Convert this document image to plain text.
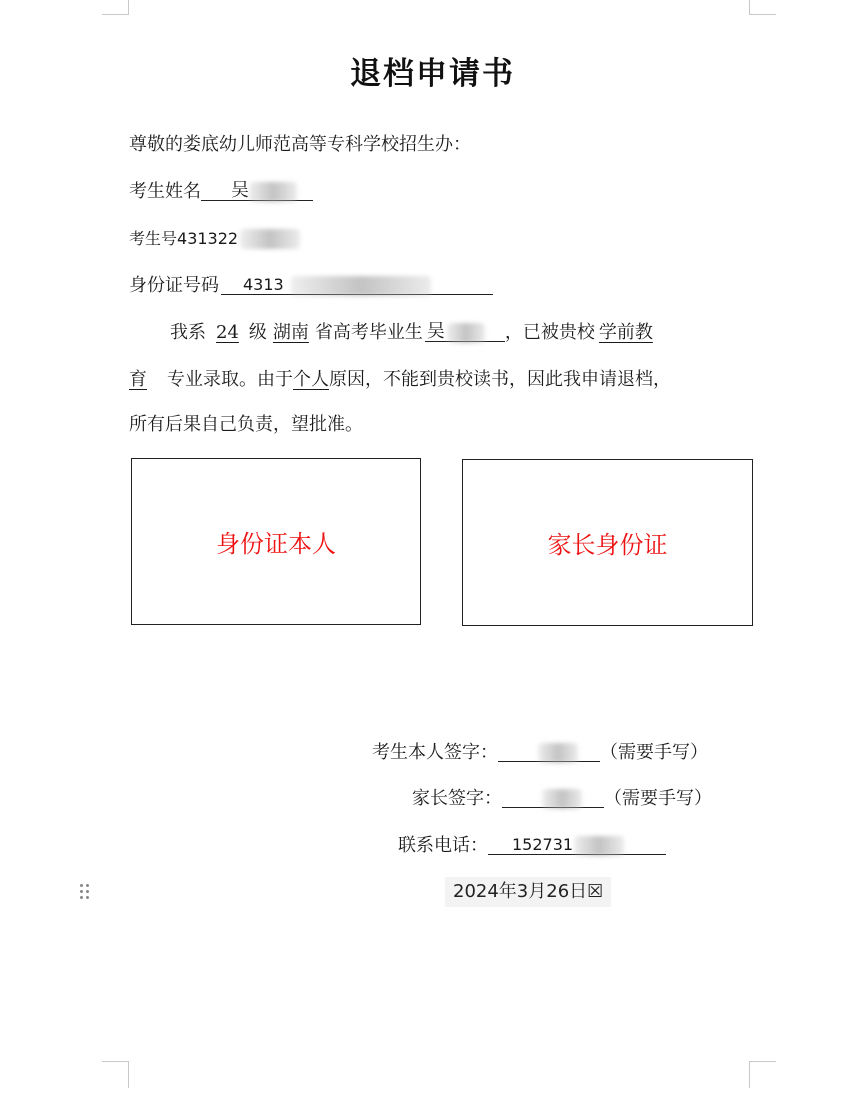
退档申请书
尊敬的娄底幼儿师范高等专科学校招生办：
考生姓名 吴
考生号431322
身份证号码 4313
我系 24 级 湖南 省高考毕业生 吴	，已被贵校 学前教
育 专业录取。由于个人原因，不能到贵校读书，因此我申请退档，
所有后果自己负责，望批准。
身份证本人	家长身份证
考生本人签字：	（需要手写）
家长签字：	（需要手写）
联系电话： 152731
2024年3月26日☒
